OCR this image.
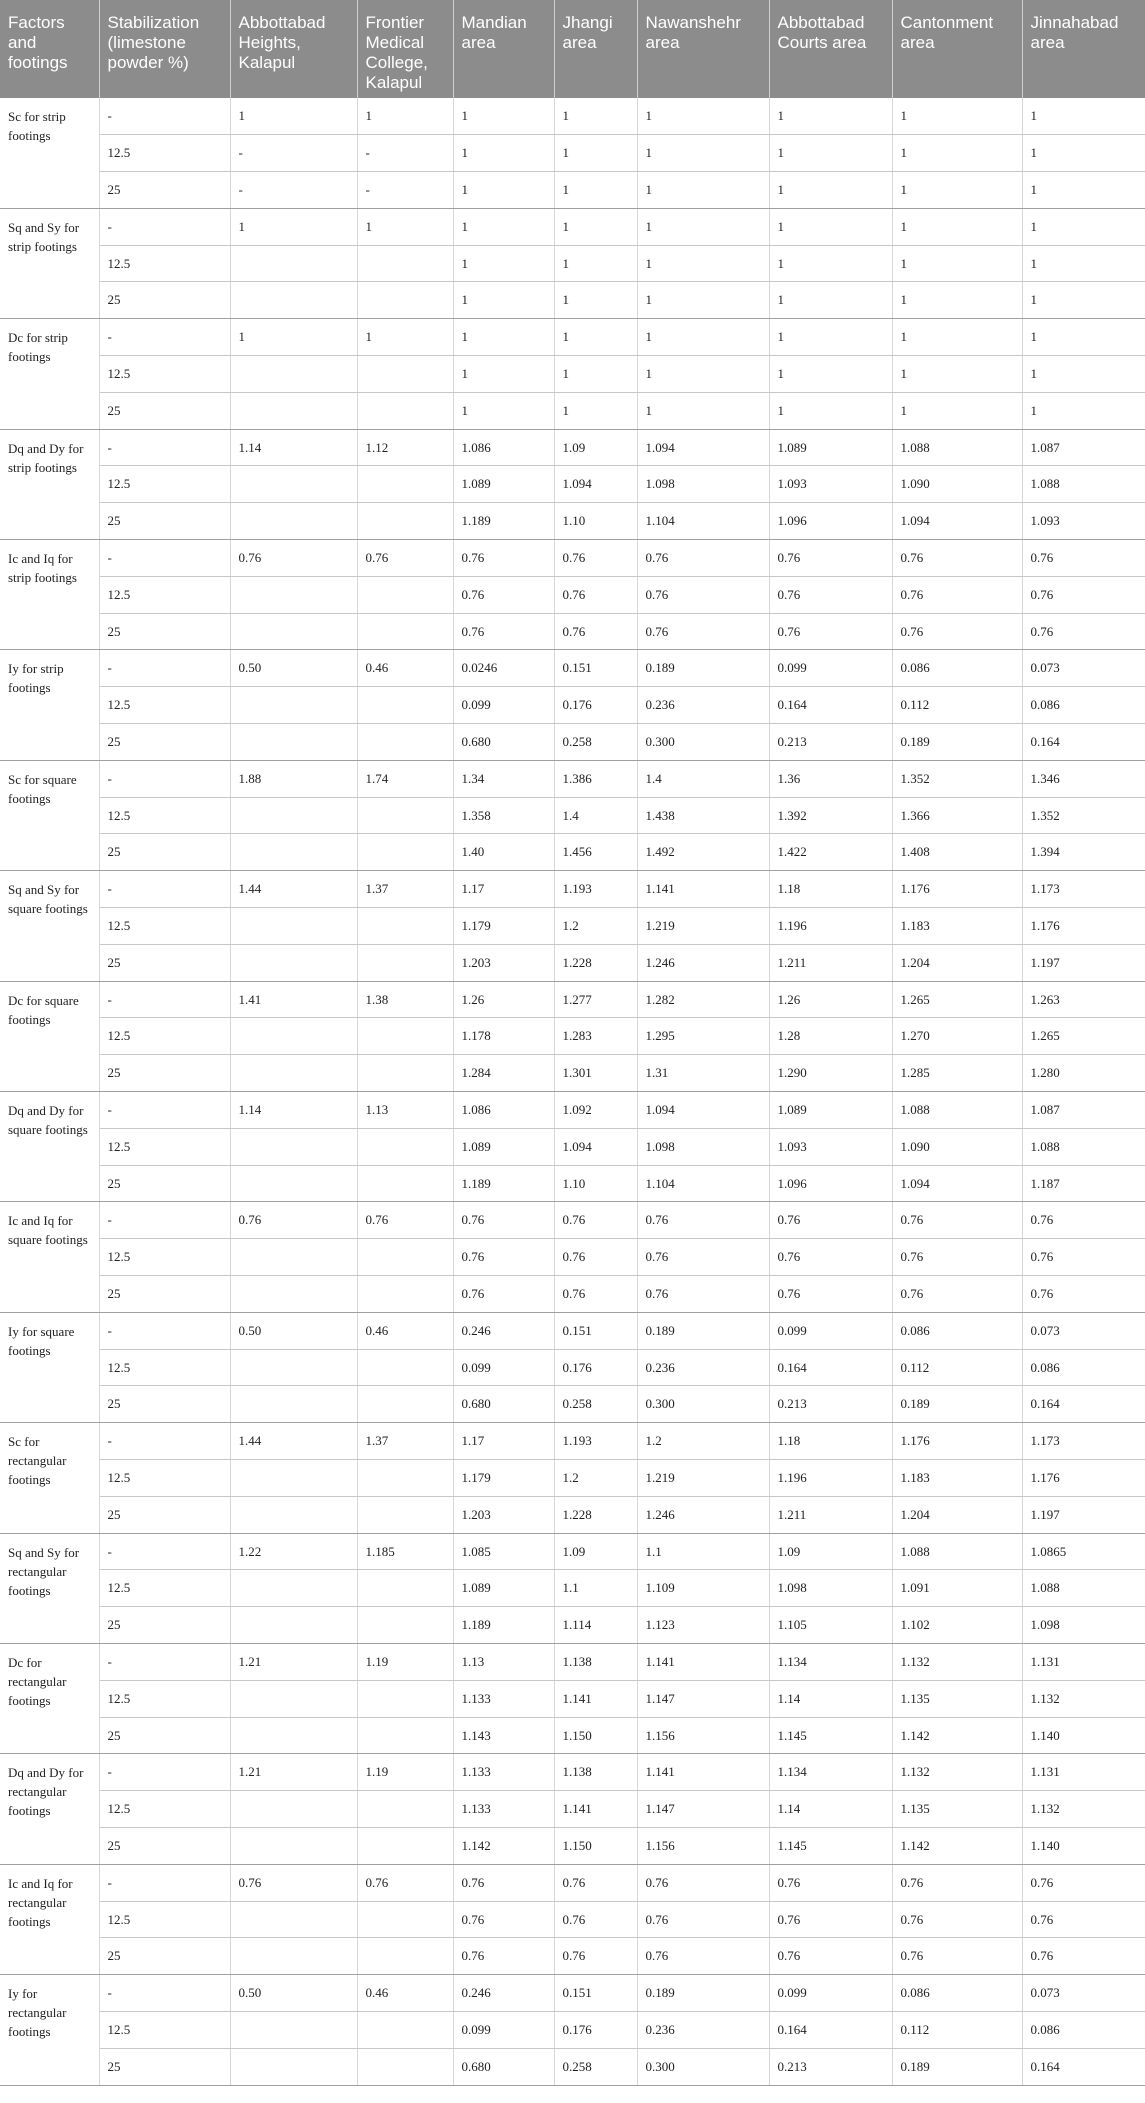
Factors and footings	Stabilization (limestone powder %)	Abbottabad Heights, Kalapul	Frontier Medical College, Kalapul	Mandian area	Jhangi area	Nawanshehr area	Abbottabad Courts area	Cantonment area	Jinnahabad area
Sc for strip footings	-	1	1	1	1	1	1	1	1
	12.5	-	-	1	1	1	1	1	1
	25	-	-	1	1	1	1	1	1
Sq and Sy for strip footings	-	1	1	1	1	1	1	1	1
	12.5			1	1	1	1	1	1
	25			1	1	1	1	1	1
Dc for strip footings	-	1	1	1	1	1	1	1	1
	12.5			1	1	1	1	1	1
	25			1	1	1	1	1	1
Dq and Dy for strip footings	-	1.14	1.12	1.086	1.09	1.094	1.089	1.088	1.087
	12.5			1.089	1.094	1.098	1.093	1.090	1.088
	25			1.189	1.10	1.104	1.096	1.094	1.093
Ic and Iq for strip footings	-	0.76	0.76	0.76	0.76	0.76	0.76	0.76	0.76
	12.5			0.76	0.76	0.76	0.76	0.76	0.76
	25			0.76	0.76	0.76	0.76	0.76	0.76
Iy for strip footings	-	0.50	0.46	0.0246	0.151	0.189	0.099	0.086	0.073
	12.5			0.099	0.176	0.236	0.164	0.112	0.086
	25			0.680	0.258	0.300	0.213	0.189	0.164
Sc for square footings	-	1.88	1.74	1.34	1.386	1.4	1.36	1.352	1.346
	12.5			1.358	1.4	1.438	1.392	1.366	1.352
	25			1.40	1.456	1.492	1.422	1.408	1.394
Sq and Sy for square footings	-	1.44	1.37	1.17	1.193	1.141	1.18	1.176	1.173
	12.5			1.179	1.2	1.219	1.196	1.183	1.176
	25			1.203	1.228	1.246	1.211	1.204	1.197
Dc for square footings	-	1.41	1.38	1.26	1.277	1.282	1.26	1.265	1.263
	12.5			1.178	1.283	1.295	1.28	1.270	1.265
	25			1.284	1.301	1.31	1.290	1.285	1.280
Dq and Dy for square footings	-	1.14	1.13	1.086	1.092	1.094	1.089	1.088	1.087
	12.5			1.089	1.094	1.098	1.093	1.090	1.088
	25			1.189	1.10	1.104	1.096	1.094	1.187
Ic and Iq for square footings	-	0.76	0.76	0.76	0.76	0.76	0.76	0.76	0.76
	12.5			0.76	0.76	0.76	0.76	0.76	0.76
	25			0.76	0.76	0.76	0.76	0.76	0.76
Iy for square footings	-	0.50	0.46	0.246	0.151	0.189	0.099	0.086	0.073
	12.5			0.099	0.176	0.236	0.164	0.112	0.086
	25			0.680	0.258	0.300	0.213	0.189	0.164
Sc for rectangular footings	-	1.44	1.37	1.17	1.193	1.2	1.18	1.176	1.173
	12.5			1.179	1.2	1.219	1.196	1.183	1.176
	25			1.203	1.228	1.246	1.211	1.204	1.197
Sq and Sy for rectangular footings	-	1.22	1.185	1.085	1.09	1.1	1.09	1.088	1.0865
	12.5			1.089	1.1	1.109	1.098	1.091	1.088
	25			1.189	1.114	1.123	1.105	1.102	1.098
Dc for rectangular footings	-	1.21	1.19	1.13	1.138	1.141	1.134	1.132	1.131
	12.5			1.133	1.141	1.147	1.14	1.135	1.132
	25			1.143	1.150	1.156	1.145	1.142	1.140
Dq and Dy for rectangular footings	-	1.21	1.19	1.133	1.138	1.141	1.134	1.132	1.131
	12.5			1.133	1.141	1.147	1.14	1.135	1.132
	25			1.142	1.150	1.156	1.145	1.142	1.140
Ic and Iq for rectangular footings	-	0.76	0.76	0.76	0.76	0.76	0.76	0.76	0.76
	12.5			0.76	0.76	0.76	0.76	0.76	0.76
	25			0.76	0.76	0.76	0.76	0.76	0.76
Iy for rectangular footings	-	0.50	0.46	0.246	0.151	0.189	0.099	0.086	0.073
	12.5			0.099	0.176	0.236	0.164	0.112	0.086
	25			0.680	0.258	0.300	0.213	0.189	0.164
